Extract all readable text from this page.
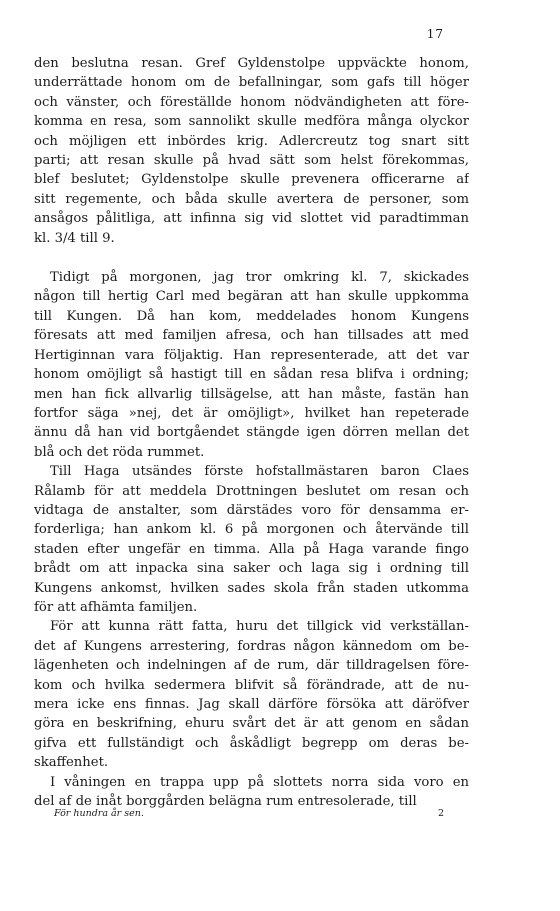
17
den beslutna resan. Gref Gyldenstolpe uppväckte honom,
underrättade honom om de befallningar, som gafs till höger
och vänster, och föreställde honom nödvändigheten att före-
komma en resa, som sannolikt skulle medföra många olyckor
och möjligen ett inbördes krig. Adlercreutz tog snart sitt
parti; att resan skulle på hvad sätt som helst förekommas,
blef beslutet; Gyldenstolpe skulle prevenera officerarne af
sitt regemente, och båda skulle avertera de personer, som
ansågos pålitliga, att infinna sig vid slottet vid paradtimman
kl. 3/4 till 9.
Tidigt på morgonen, jag tror omkring kl. 7, skickades
någon till hertig Carl med begäran att han skulle uppkomma
till Kungen. Då han kom, meddelades honom Kungens
föresats att med familjen afresa, och han tillsades att med
Hertiginnan vara följaktig. Han representerade, att det var
honom omöjligt så hastigt till en sådan resa blifva i ordning;
men han fick allvarlig tillsägelse, att han måste, fastän han
fortfor säga »nej, det är omöjligt», hvilket han repeterade
ännu då han vid bortgåendet stängde igen dörren mellan det
blå och det röda rummet.
Till Haga utsändes förste hofstallmästaren baron Claes
Rålamb för att meddela Drottningen beslutet om resan och
vidtaga de anstalter, som därstädes voro för densamma er-
forderliga; han ankom kl. 6 på morgonen och återvände till
staden efter ungefär en timma. Alla på Haga varande fingo
brådt om att inpacka sina saker och laga sig i ordning till
Kungens ankomst, hvilken sades skola från staden utkomma
för att afhämta familjen.
För att kunna rätt fatta, huru det tillgick vid verkställan-
det af Kungens arrestering, fordras någon kännedom om be-
lägenheten och indelningen af de rum, där tilldragelsen före-
kom och hvilka sedermera blifvit så förändrade, att de nu-
mera icke ens finnas. Jag skall därföre försöka att däröfver
göra en beskrifning, ehuru svårt det är att genom en sådan
gifva ett fullständigt och åskådligt begrepp om deras be-
skaffenhet.
I våningen en trappa upp på slottets norra sida voro en
del af de inåt borggården belägna rum entresolerade, till
För hundra år sen.	2
